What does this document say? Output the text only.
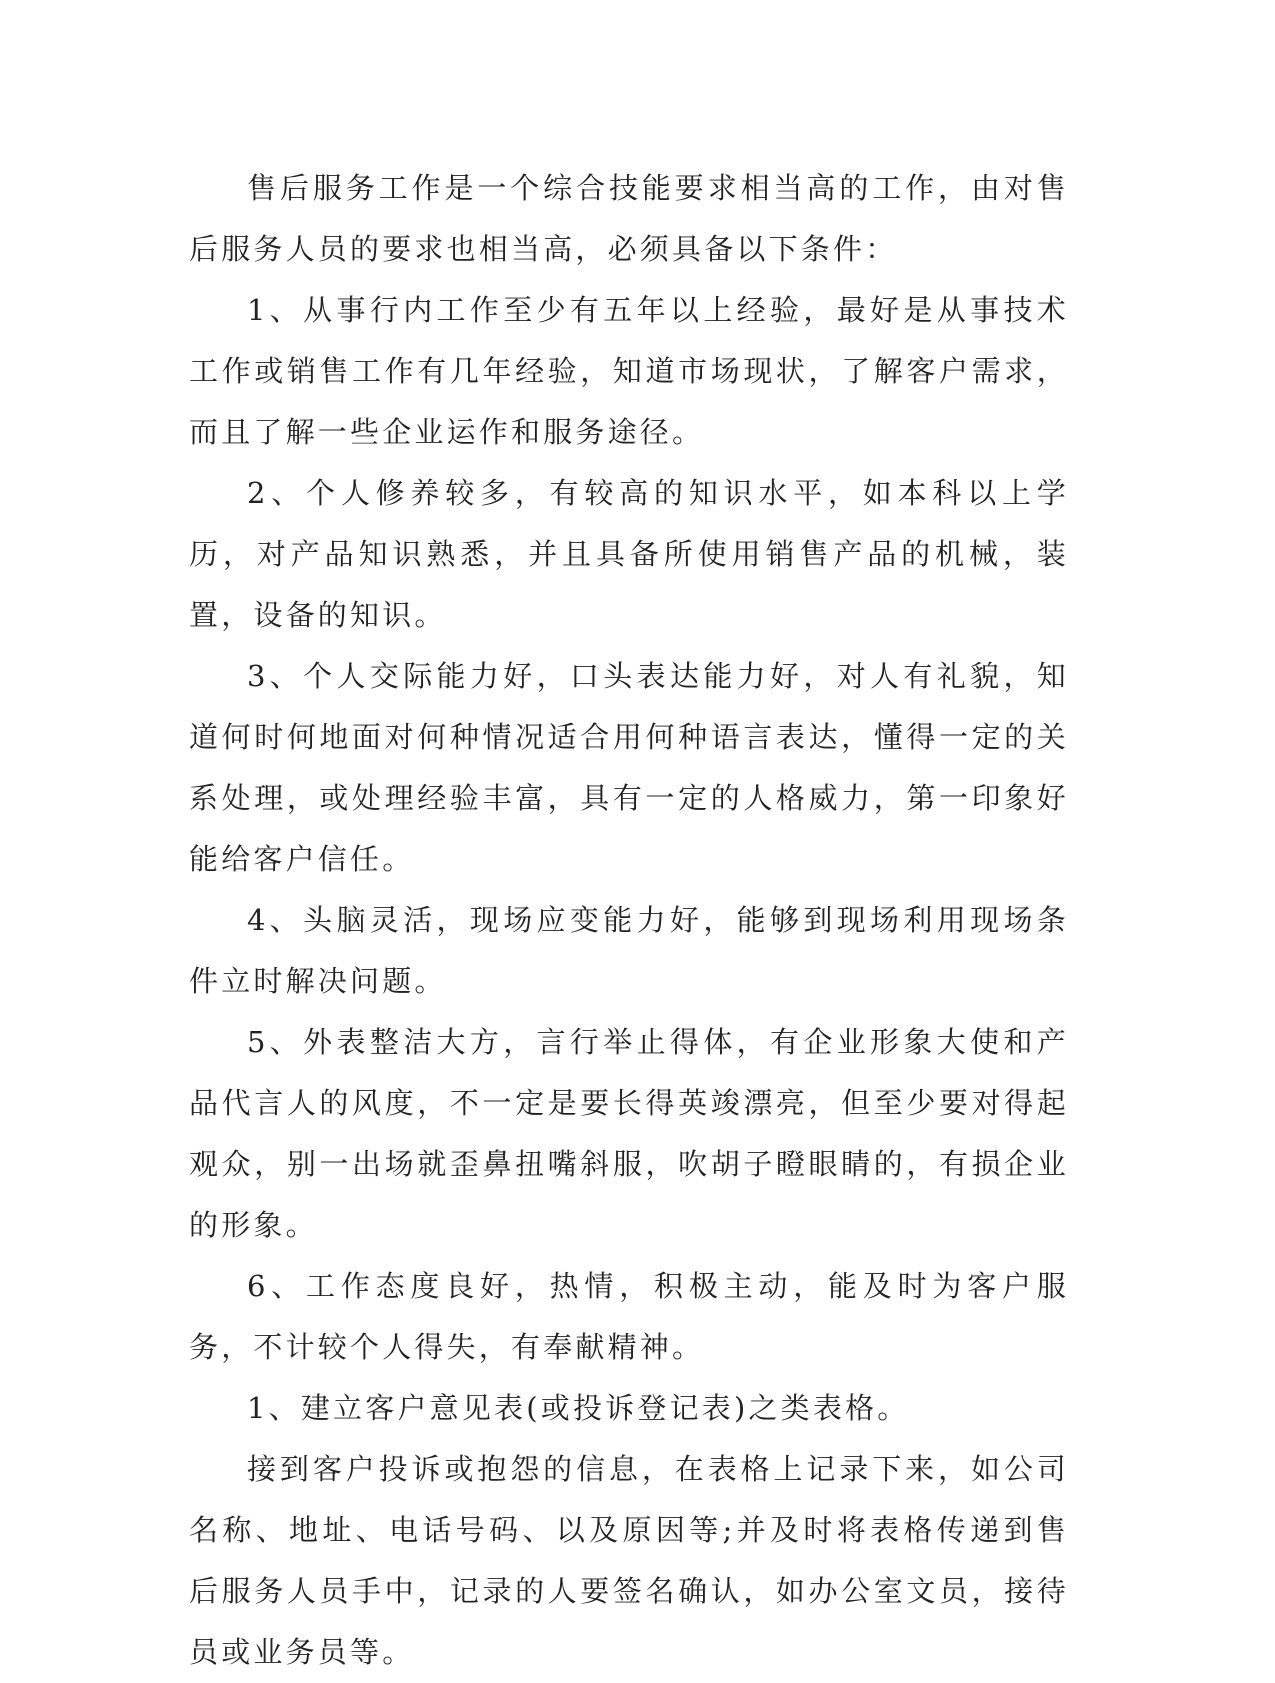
售后服务工作是一个综合技能要求相当高的工作，由对售后服务人员的要求也相当高，必须具备以下条件：

1、从事行内工作至少有五年以上经验，最好是从事技术工作或销售工作有几年经验，知道市场现状，了解客户需求，而且了解一些企业运作和服务途径。

2、个人修养较多，有较高的知识水平，如本科以上学历，对产品知识熟悉，并且具备所使用销售产品的机械，装置，设备的知识。

3、个人交际能力好，口头表达能力好，对人有礼貌，知道何时何地面对何种情况适合用何种语言表达，懂得一定的关系处理，或处理经验丰富，具有一定的人格威力，第一印象好能给客户信任。

4、头脑灵活，现场应变能力好，能够到现场利用现场条件立时解决问题。

5、外表整洁大方，言行举止得体，有企业形象大使和产品代言人的风度，不一定是要长得英竣漂亮，但至少要对得起观众，别一出场就歪鼻扭嘴斜服，吹胡子瞪眼睛的，有损企业的形象。

6、工作态度良好，热情，积极主动，能及时为客户服务，不计较个人得失，有奉献精神。

1、建立客户意见表(或投诉登记表)之类表格。

接到客户投诉或抱怨的信息，在表格上记录下来，如公司名称、地址、电话号码、以及原因等;并及时将表格传递到售后服务人员手中，记录的人要签名确认，如办公室文员，接待员或业务员等。
